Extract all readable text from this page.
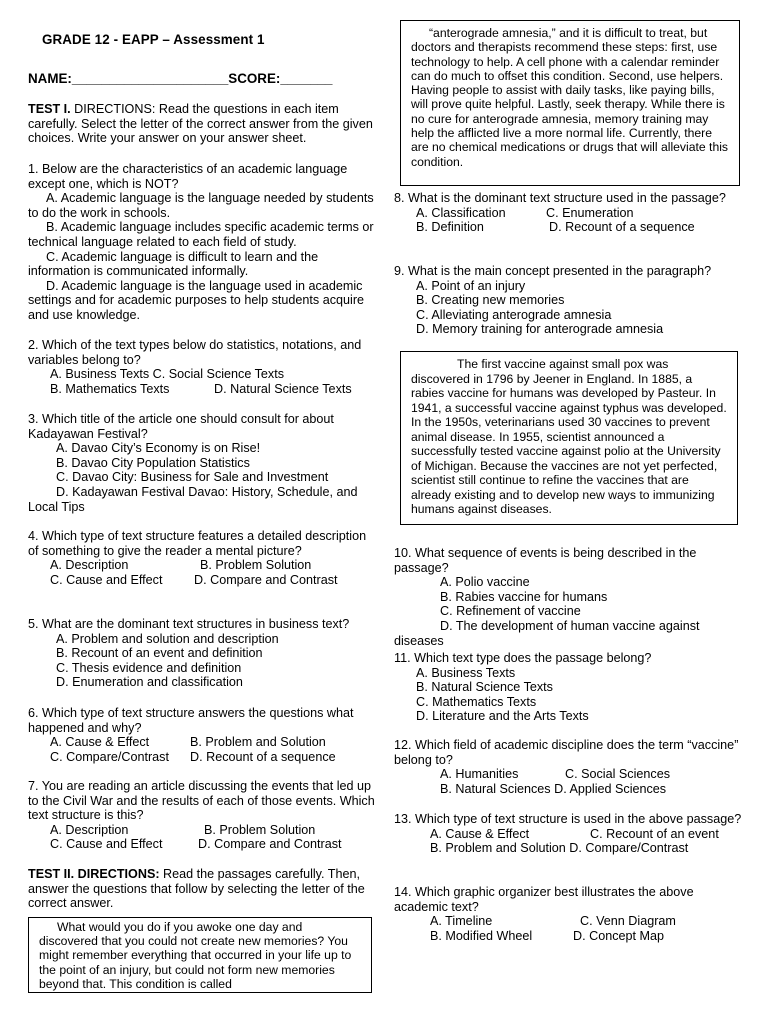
GRADE 12 - EAPP – Assessment 1
NAME:_____________________SCORE:_______
TEST I. DIRECTIONS: Read the questions in each item carefully. Select the letter of the correct answer from the given choices. Write your answer on your answer sheet.
1. Below are the characteristics of an academic language except one, which is NOT?
A. Academic language is the language needed by students to do the work in schools.
B. Academic language includes specific academic terms or technical language related to each field of study.
C. Academic language is difficult to learn and the information is communicated informally.
D. Academic language is the language used in academic settings and for academic purposes to help students acquire and use knowledge.
2. Which of the text types below do statistics, notations, and variables belong to?
A. Business Texts C. Social Science Texts
B. Mathematics Texts	D. Natural Science Texts
3. Which title of the article one should consult for about Kadayawan Festival?
A. Davao City’s Economy is on Rise!
B. Davao City Population Statistics
C. Davao City: Business for Sale and Investment
D. Kadayawan Festival Davao: History, Schedule, and Local Tips
4. Which type of text structure features a detailed description of something to give the reader a mental picture?
A. Description	B. Problem Solution
C. Cause and Effect	D. Compare and Contrast
5. What are the dominant text structures in business text?
A. Problem and solution and description
B. Recount of an event and definition
C. Thesis evidence and definition
D. Enumeration and classification
6. Which type of text structure answers the questions what happened and why?
A. Cause & Effect	B. Problem and Solution
C. Compare/Contrast	D. Recount of a sequence
7. You are reading an article discussing the events that led up to the Civil War and the results of each of those events. Which text structure is this?
A. Description	B. Problem Solution
C. Cause and Effect	D. Compare and Contrast
TEST II. DIRECTIONS: Read the passages carefully. Then, answer the questions that follow by selecting the letter of the correct answer.
What would you do if you awoke one day and discovered that you could not create new memories? You might remember everything that occurred in your life up to the point of an injury, but could not form new memories beyond that. This condition is called
“anterograde amnesia,” and it is difficult to treat, but doctors and therapists recommend these steps: first, use technology to help. A cell phone with a calendar reminder can do much to offset this condition. Second, use helpers. Having people to assist with daily tasks, like paying bills, will prove quite helpful. Lastly, seek therapy. While there is no cure for anterograde amnesia, memory training may help the afflicted live a more normal life. Currently, there are no chemical medications or drugs that will alleviate this condition.
8. What is the dominant text structure used in the passage?
A. Classification	C. Enumeration
B. Definition	D. Recount of a sequence
9. What is the main concept presented in the paragraph?
A. Point of an injury
B. Creating new memories
C. Alleviating anterograde amnesia
D. Memory training for anterograde amnesia
The first vaccine against small pox was discovered in 1796 by Jeener in England. In 1885, a rabies vaccine for humans was developed by Pasteur. In 1941, a successful vaccine against typhus was developed. In the 1950s, veterinarians used 30 vaccines to prevent animal disease. In 1955, scientist announced a successfully tested vaccine against polio at the University of Michigan. Because the vaccines are not yet perfected, scientist still continue to refine the vaccines that are already existing and to develop new ways to immunizing humans against diseases.
10. What sequence of events is being described in the passage?
A. Polio vaccine
B. Rabies vaccine for humans
C. Refinement of vaccine
D. The development of human vaccine against
diseases
11. Which text type does the passage belong?
A. Business Texts
B. Natural Science Texts
C. Mathematics Texts
D. Literature and the Arts Texts
12. Which field of academic discipline does the term “vaccine” belong to?
A. Humanities	C. Social Sciences
B. Natural Sciences D. Applied Sciences
13. Which type of text structure is used in the above passage?
A. Cause & Effect	C. Recount of an event
B. Problem and Solution D. Compare/Contrast
14. Which graphic organizer best illustrates the above academic text?
A. Timeline	C. Venn Diagram
B. Modified Wheel	D. Concept Map
